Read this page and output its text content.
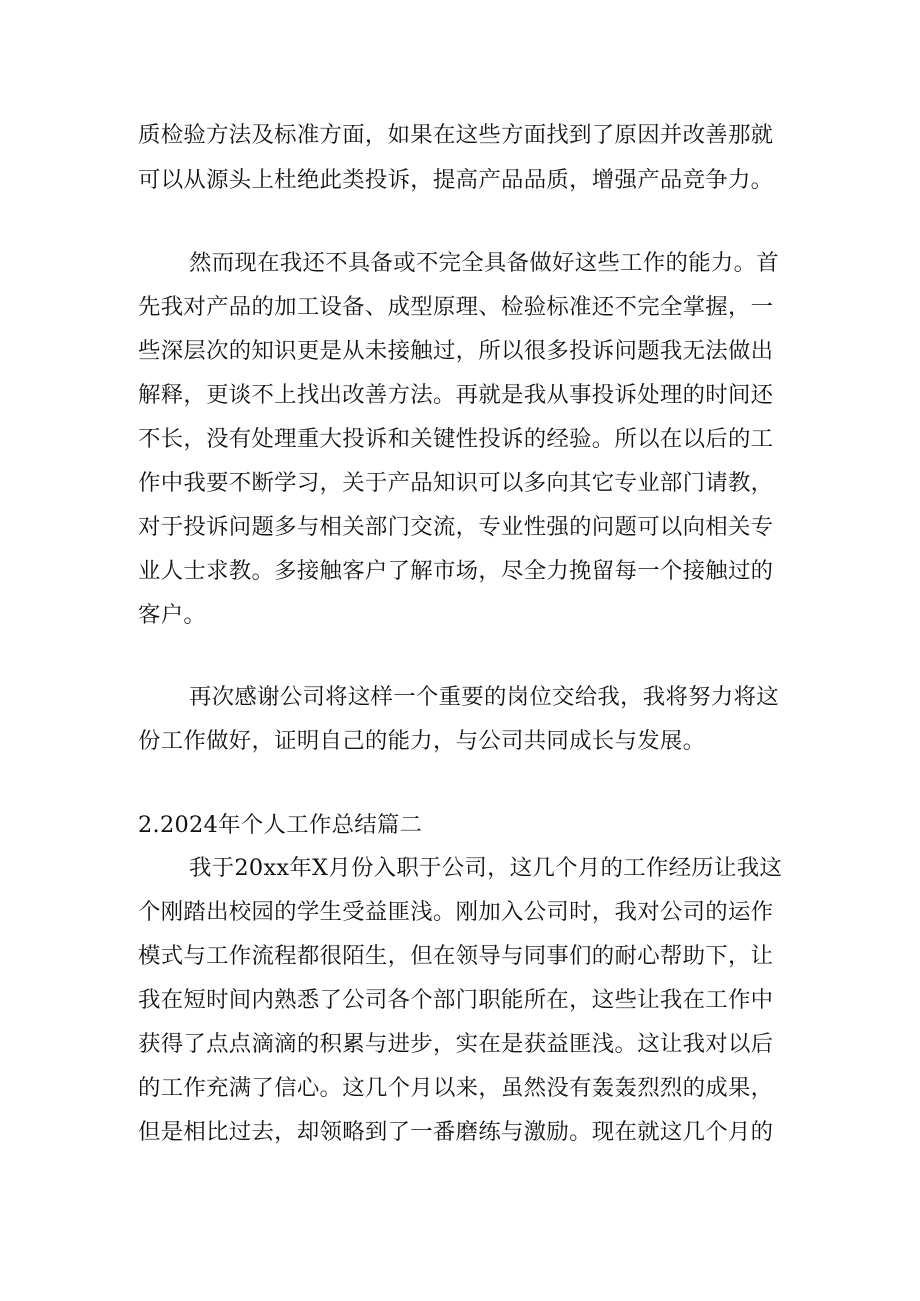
质检验方法及标准方面，如果在这些方面找到了原因并改善那就
可以从源头上杜绝此类投诉，提高产品品质，增强产品竞争力。
然而现在我还不具备或不完全具备做好这些工作的能力。首
先我对产品的加工设备、成型原理、检验标准还不完全掌握，一
些深层次的知识更是从未接触过，所以很多投诉问题我无法做出
解释，更谈不上找出改善方法。再就是我从事投诉处理的时间还
不长，没有处理重大投诉和关键性投诉的经验。所以在以后的工
作中我要不断学习，关于产品知识可以多向其它专业部门请教，
对于投诉问题多与相关部门交流，专业性强的问题可以向相关专
业人士求教。多接触客户了解市场，尽全力挽留每一个接触过的
客户。
再次感谢公司将这样一个重要的岗位交给我，我将努力将这
份工作做好，证明自己的能力，与公司共同成长与发展。
2.2024年个人工作总结篇二
我于20xx年X月份入职于公司，这几个月的工作经历让我这
个刚踏出校园的学生受益匪浅。刚加入公司时，我对公司的运作
模式与工作流程都很陌生，但在领导与同事们的耐心帮助下，让
我在短时间内熟悉了公司各个部门职能所在，这些让我在工作中
获得了点点滴滴的积累与进步，实在是获益匪浅。这让我对以后
的工作充满了信心。这几个月以来，虽然没有轰轰烈烈的成果，
但是相比过去，却领略到了一番磨练与激励。现在就这几个月的
